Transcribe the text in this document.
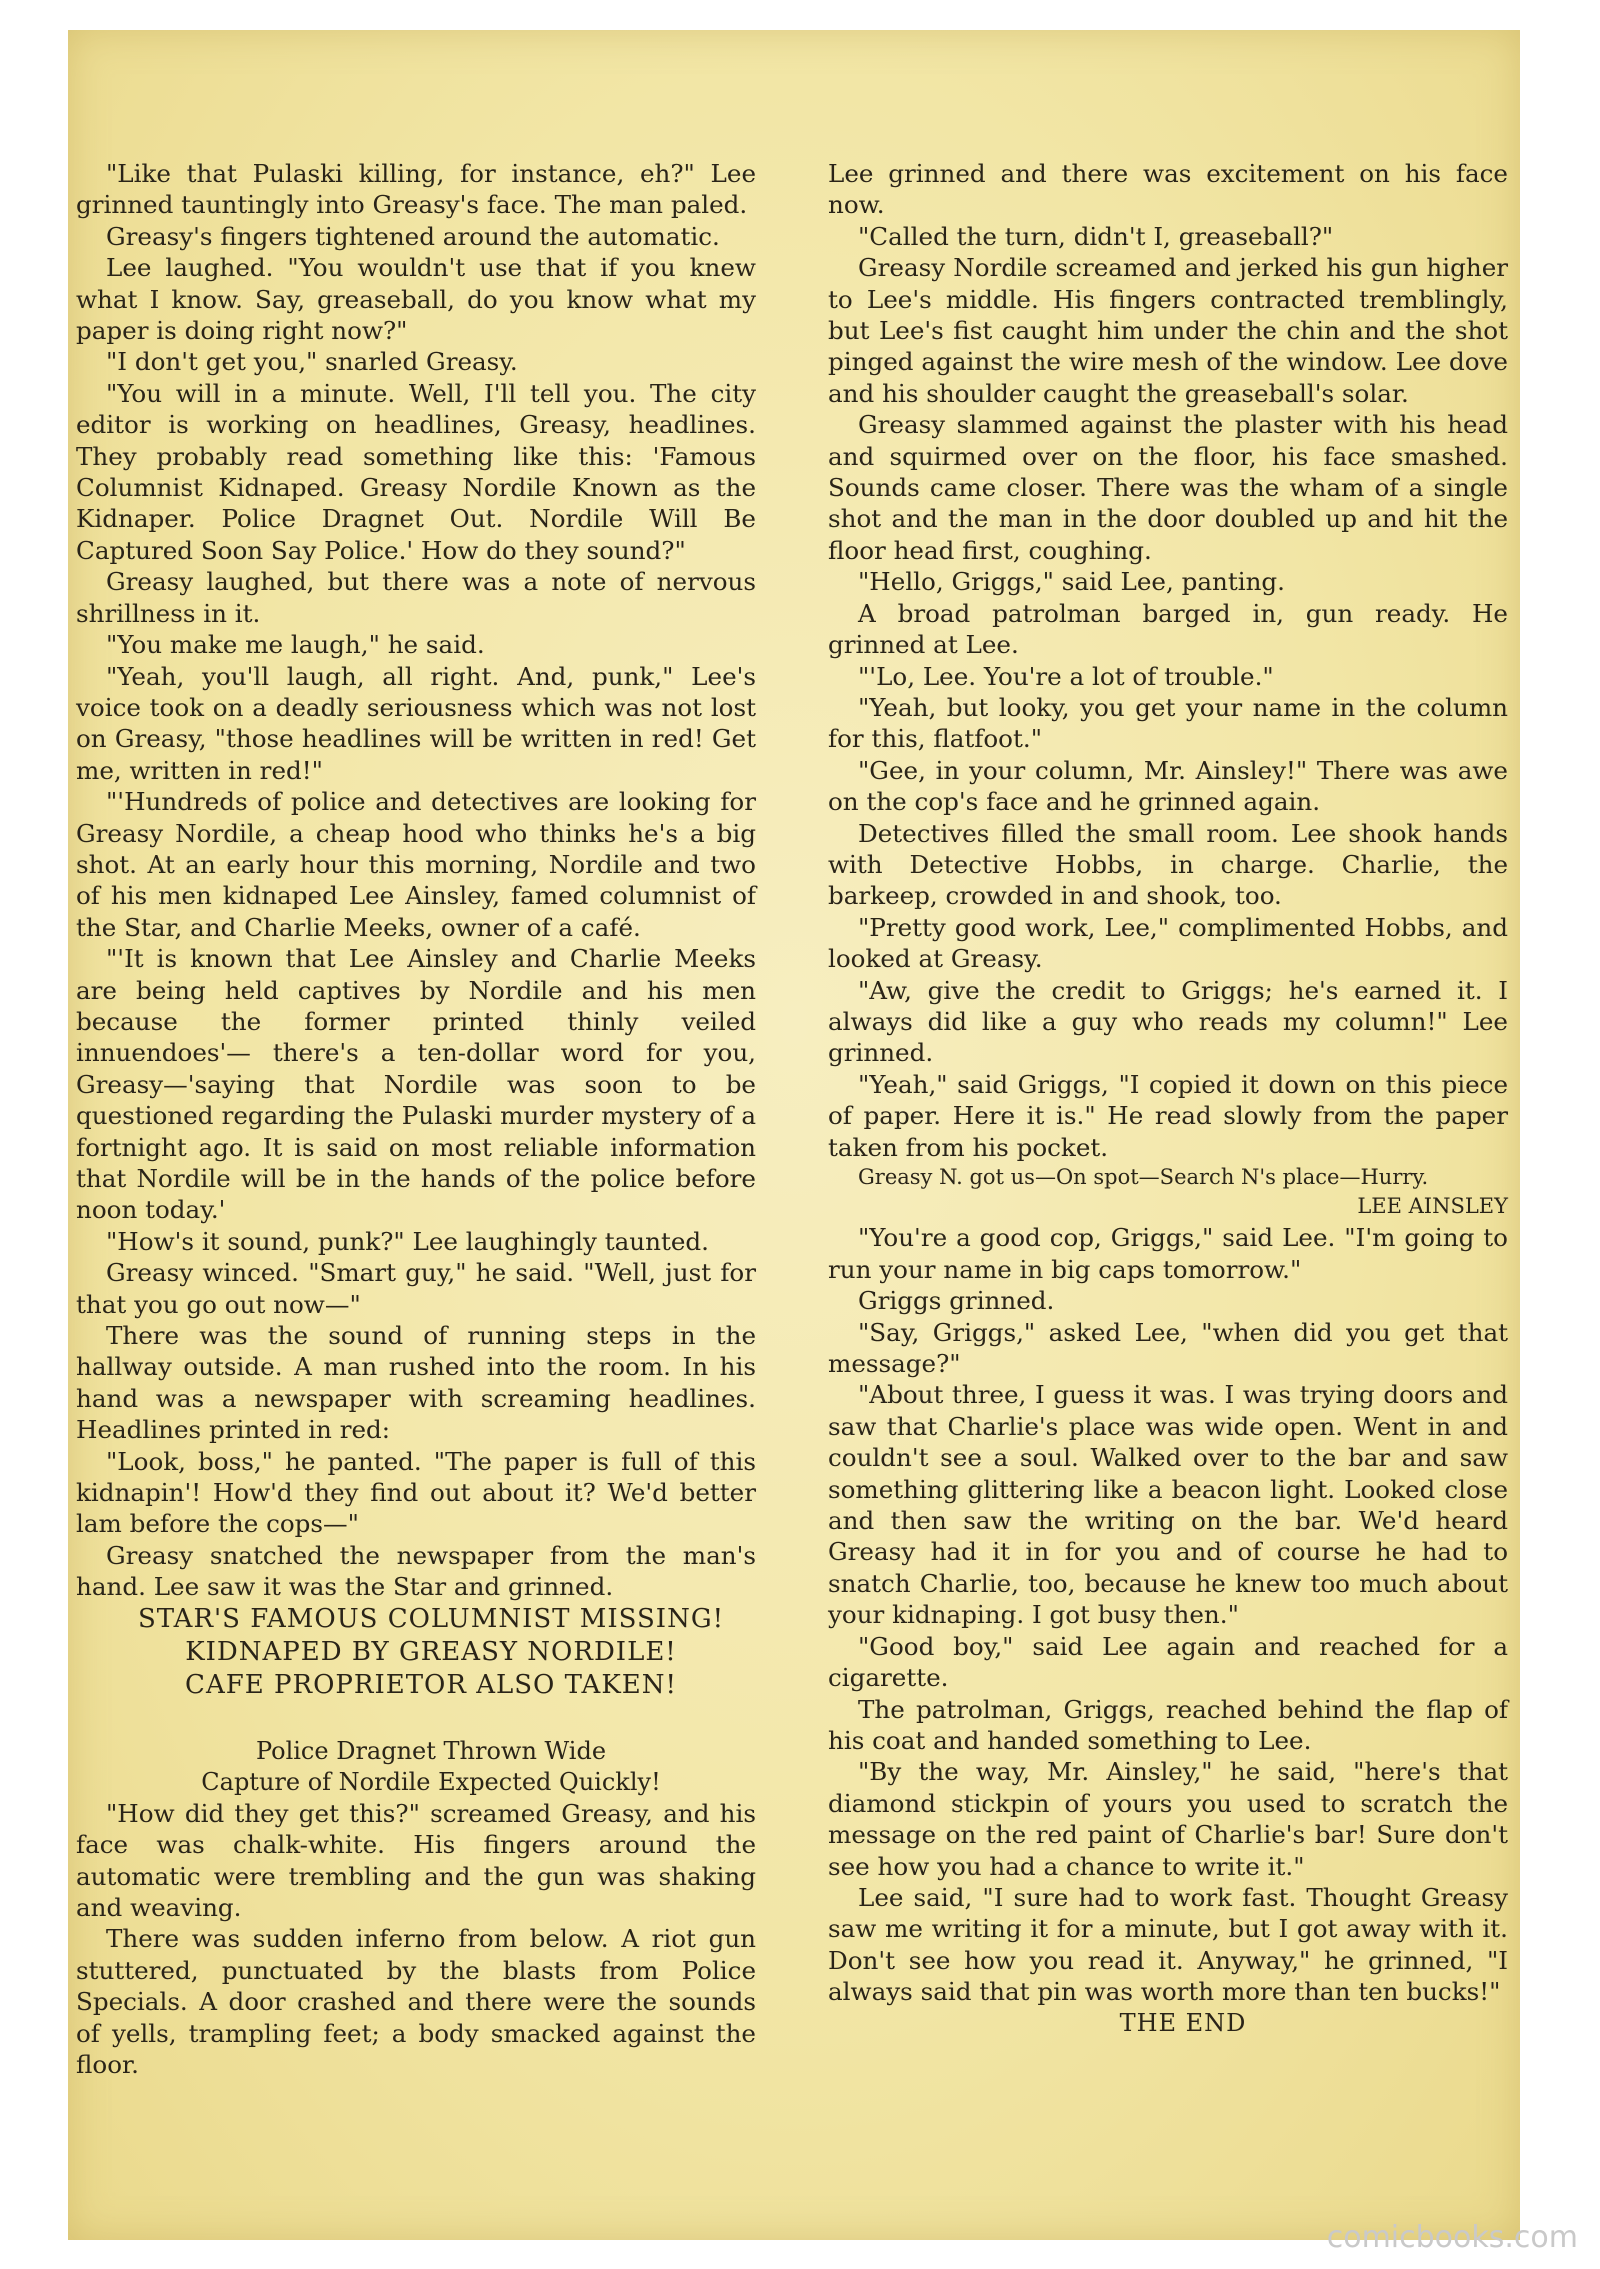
"Like that Pulaski killing, for instance, eh?" Lee grinned tauntingly into Greasy's face. The man paled.

Greasy's fingers tightened around the automatic.

Lee laughed. "You wouldn't use that if you knew what I know. Say, greaseball, do you know what my paper is doing right now?"

"I don't get you," snarled Greasy.

"You will in a minute. Well, I'll tell you. The city editor is working on headlines, Greasy, headlines. They probably read something like this: 'Famous Columnist Kidnaped. Greasy Nordile Known as the Kidnaper. Police Dragnet Out. Nordile Will Be Captured Soon Say Police.' How do they sound?"

Greasy laughed, but there was a note of nervous shrillness in it.

"You make me laugh," he said.

"Yeah, you'll laugh, all right. And, punk," Lee's voice took on a deadly seriousness which was not lost on Greasy, "those headlines will be written in red! Get me, written in red!"

"'Hundreds of police and detectives are looking for Greasy Nordile, a cheap hood who thinks he's a big shot. At an early hour this morning, Nordile and two of his men kidnaped Lee Ainsley, famed columnist of the Star, and Charlie Meeks, owner of a café.

"'It is known that Lee Ainsley and Charlie Meeks are being held captives by Nordile and his men because the former printed thinly veiled innuendoes'— there's a ten-dollar word for you, Greasy—'saying that Nordile was soon to be questioned regarding the Pulaski murder mystery of a fortnight ago. It is said on most reliable information that Nordile will be in the hands of the police before noon today.'

"How's it sound, punk?" Lee laughingly taunted.

Greasy winced. "Smart guy," he said. "Well, just for that you go out now—"

There was the sound of running steps in the hallway outside. A man rushed into the room. In his hand was a newspaper with screaming headlines. Headlines printed in red:

"Look, boss," he panted. "The paper is full of this kidnapin'! How'd they find out about it? We'd better lam before the cops—"

Greasy snatched the newspaper from the man's hand. Lee saw it was the Star and grinned.

STAR'S FAMOUS COLUMNIST MISSING!

KIDNAPED BY GREASY NORDILE!

CAFE PROPRIETOR ALSO TAKEN!

Police Dragnet Thrown Wide

Capture of Nordile Expected Quickly!

"How did they get this?" screamed Greasy, and his face was chalk-white. His fingers around the automatic were trembling and the gun was shaking and weaving.

There was sudden inferno from below. A riot gun stuttered, punctuated by the blasts from Police Specials. A door crashed and there were the sounds of yells, trampling feet; a body smacked against the floor.

Lee grinned and there was excitement on his face now.

"Called the turn, didn't I, greaseball?"

Greasy Nordile screamed and jerked his gun higher to Lee's middle. His fingers contracted tremblingly, but Lee's fist caught him under the chin and the shot pinged against the wire mesh of the window. Lee dove and his shoulder caught the greaseball's solar.

Greasy slammed against the plaster with his head and squirmed over on the floor, his face smashed. Sounds came closer. There was the wham of a single shot and the man in the door doubled up and hit the floor head first, coughing.

"Hello, Griggs," said Lee, panting.

A broad patrolman barged in, gun ready. He grinned at Lee.

"'Lo, Lee. You're a lot of trouble."

"Yeah, but looky, you get your name in the column for this, flatfoot."

"Gee, in your column, Mr. Ainsley!" There was awe on the cop's face and he grinned again.

Detectives filled the small room. Lee shook hands with Detective Hobbs, in charge. Charlie, the barkeep, crowded in and shook, too.

"Pretty good work, Lee," complimented Hobbs, and looked at Greasy.

"Aw, give the credit to Griggs; he's earned it. I always did like a guy who reads my column!" Lee grinned.

"Yeah," said Griggs, "I copied it down on this piece of paper. Here it is." He read slowly from the paper taken from his pocket.

Greasy N. got us—On spot—Search N's place—Hurry.

LEE AINSLEY

"You're a good cop, Griggs," said Lee. "I'm going to run your name in big caps tomorrow."

Griggs grinned.

"Say, Griggs," asked Lee, "when did you get that message?"

"About three, I guess it was. I was trying doors and saw that Charlie's place was wide open. Went in and couldn't see a soul. Walked over to the bar and saw something glittering like a beacon light. Looked close and then saw the writing on the bar. We'd heard Greasy had it in for you and of course he had to snatch Charlie, too, because he knew too much about your kidnaping. I got busy then."

"Good boy," said Lee again and reached for a cigarette.

The patrolman, Griggs, reached behind the flap of his coat and handed something to Lee.

"By the way, Mr. Ainsley," he said, "here's that diamond stickpin of yours you used to scratch the message on the red paint of Charlie's bar! Sure don't see how you had a chance to write it."

Lee said, "I sure had to work fast. Thought Greasy saw me writing it for a minute, but I got away with it. Don't see how you read it. Anyway," he grinned, "I always said that pin was worth more than ten bucks!"

THE END

comicbooks.com
